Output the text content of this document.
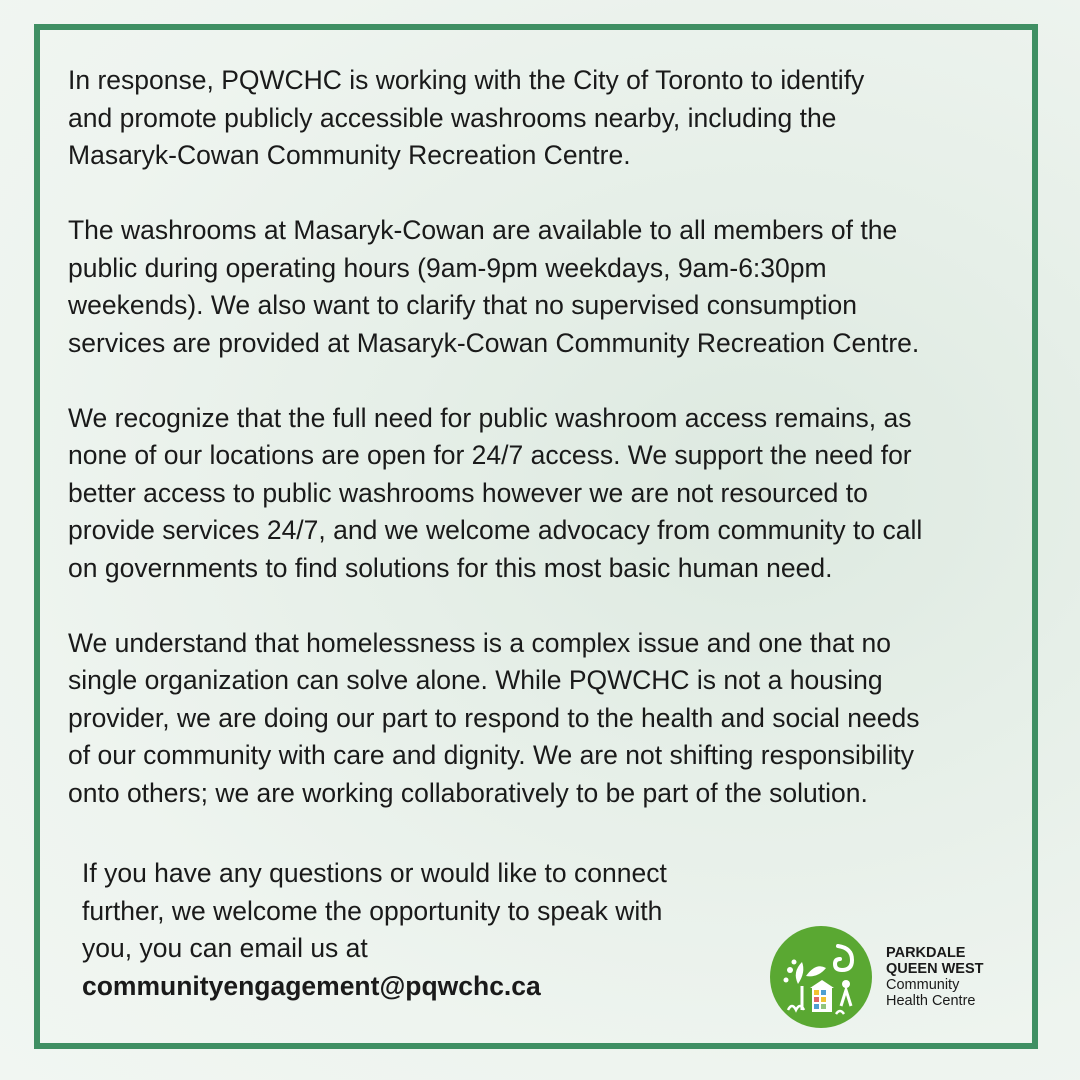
In response, PQWCHC is working with the City of Toronto to identify
and promote publicly accessible washrooms nearby, including the
Masaryk-Cowan Community Recreation Centre.

The washrooms at Masaryk-Cowan are available to all members of the
public during operating hours (9am-9pm weekdays, 9am-6:30pm
weekends). We also want to clarify that no supervised consumption
services are provided at Masaryk-Cowan Community Recreation Centre.

We recognize that the full need for public washroom access remains, as
none of our locations are open for 24/7 access. We support the need for
better access to public washrooms however we are not resourced to
provide services 24/7, and we welcome advocacy from community to call
on governments to find solutions for this most basic human need.

We understand that homelessness is a complex issue and one that no
single organization can solve alone. While PQWCHC is not a housing
provider, we are doing our part to respond to the health and social needs
of our community with care and dignity. We are not shifting responsibility
onto others; we are working collaboratively to be part of the solution.

If you have any questions or would like to connect
further, we welcome the opportunity to speak with
you, you can email us at
communityengagement@pqwchc.ca
PARKDALE
QUEEN WEST
Community
Health Centre
